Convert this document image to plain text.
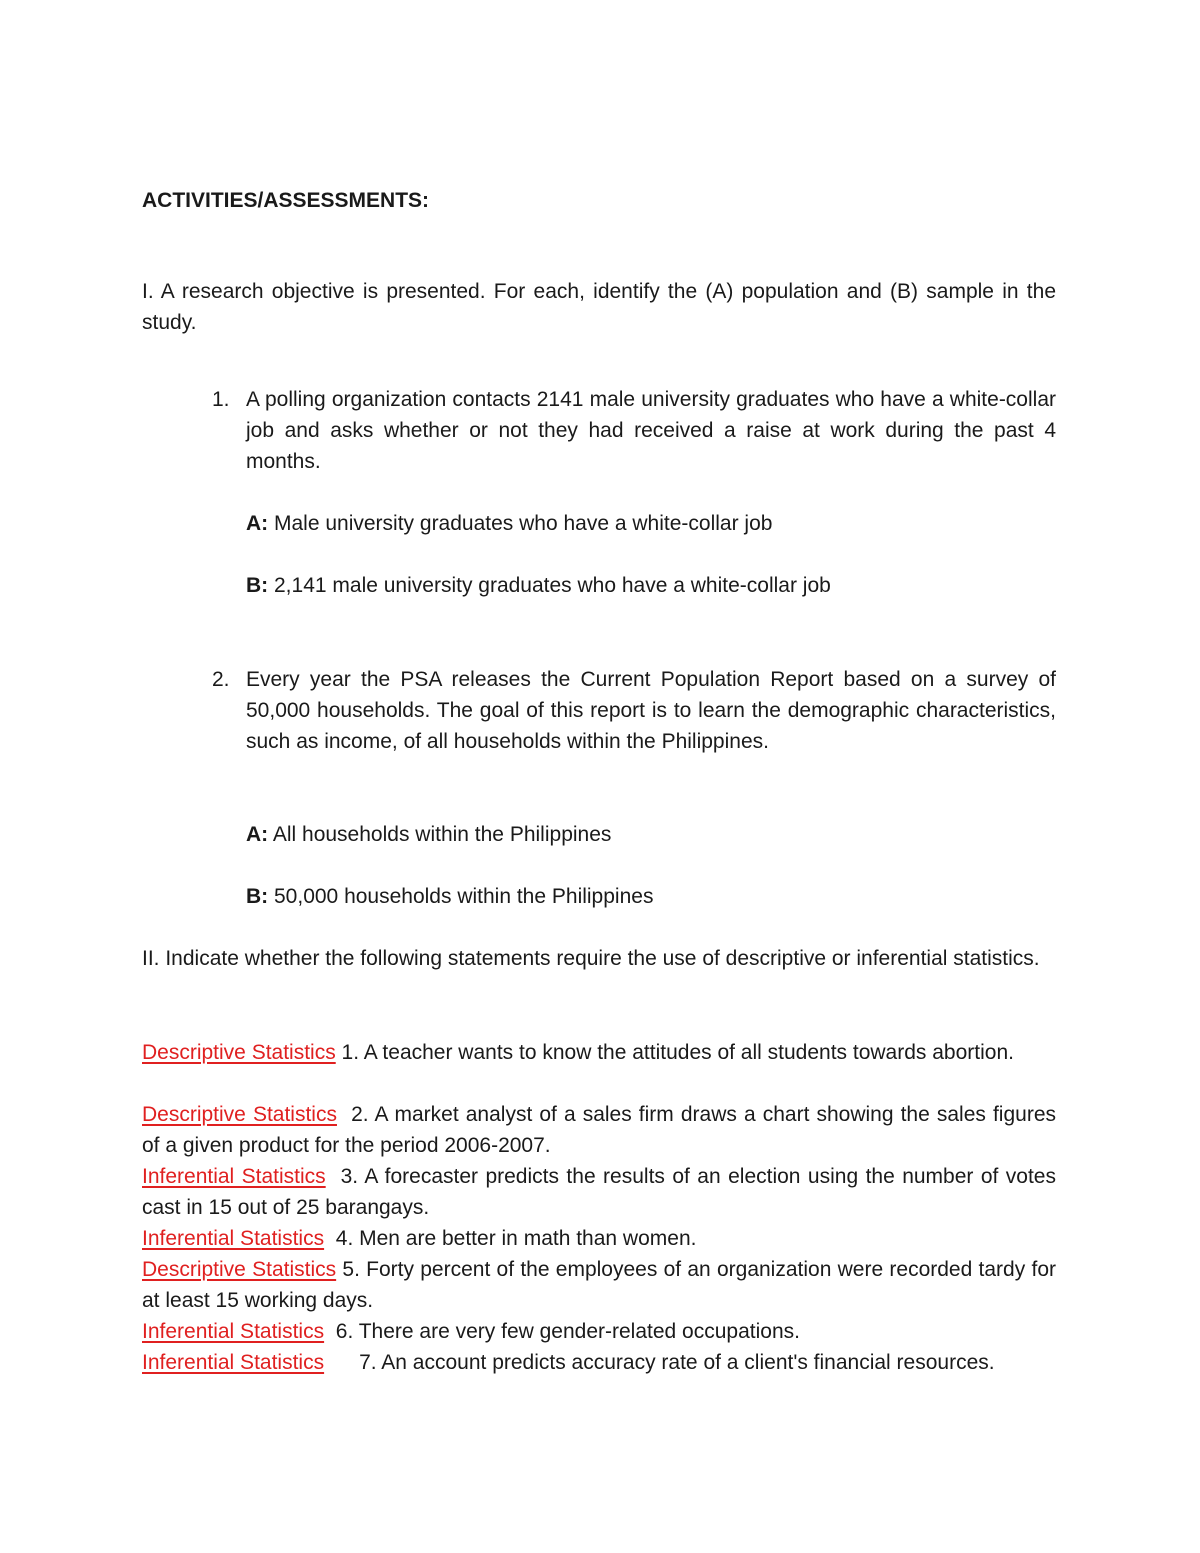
ACTIVITIES/ASSESSMENTS:
I. A research objective is presented. For each, identify the (A) population and (B) sample in the study.
1. A polling organization contacts 2141 male university graduates who have a white-collar job and asks whether or not they had received a raise at work during the past 4 months.
A: Male university graduates who have a white-collar job
B: 2,141 male university graduates who have a white-collar job
2. Every year the PSA releases the Current Population Report based on a survey of 50,000 households. The goal of this report is to learn the demographic characteristics, such as income, of all households within the Philippines.
A: All households within the Philippines
B: 50,000 households within the Philippines
II. Indicate whether the following statements require the use of descriptive or inferential statistics.
Descriptive Statistics 1. A teacher wants to know the attitudes of all students towards abortion.
Descriptive Statistics  2. A market analyst of a sales firm draws a chart showing the sales figures of a given product for the period 2006-2007.
Inferential Statistics  3. A forecaster predicts the results of an election using the number of votes cast in 15 out of 25 barangays.
Inferential Statistics  4. Men are better in math than women.
Descriptive Statistics 5. Forty percent of the employees of an organization were recorded tardy for at least 15 working days.
Inferential Statistics  6. There are very few gender-related occupations.
Inferential Statistics      7. An account predicts accuracy rate of a client's financial resources.
